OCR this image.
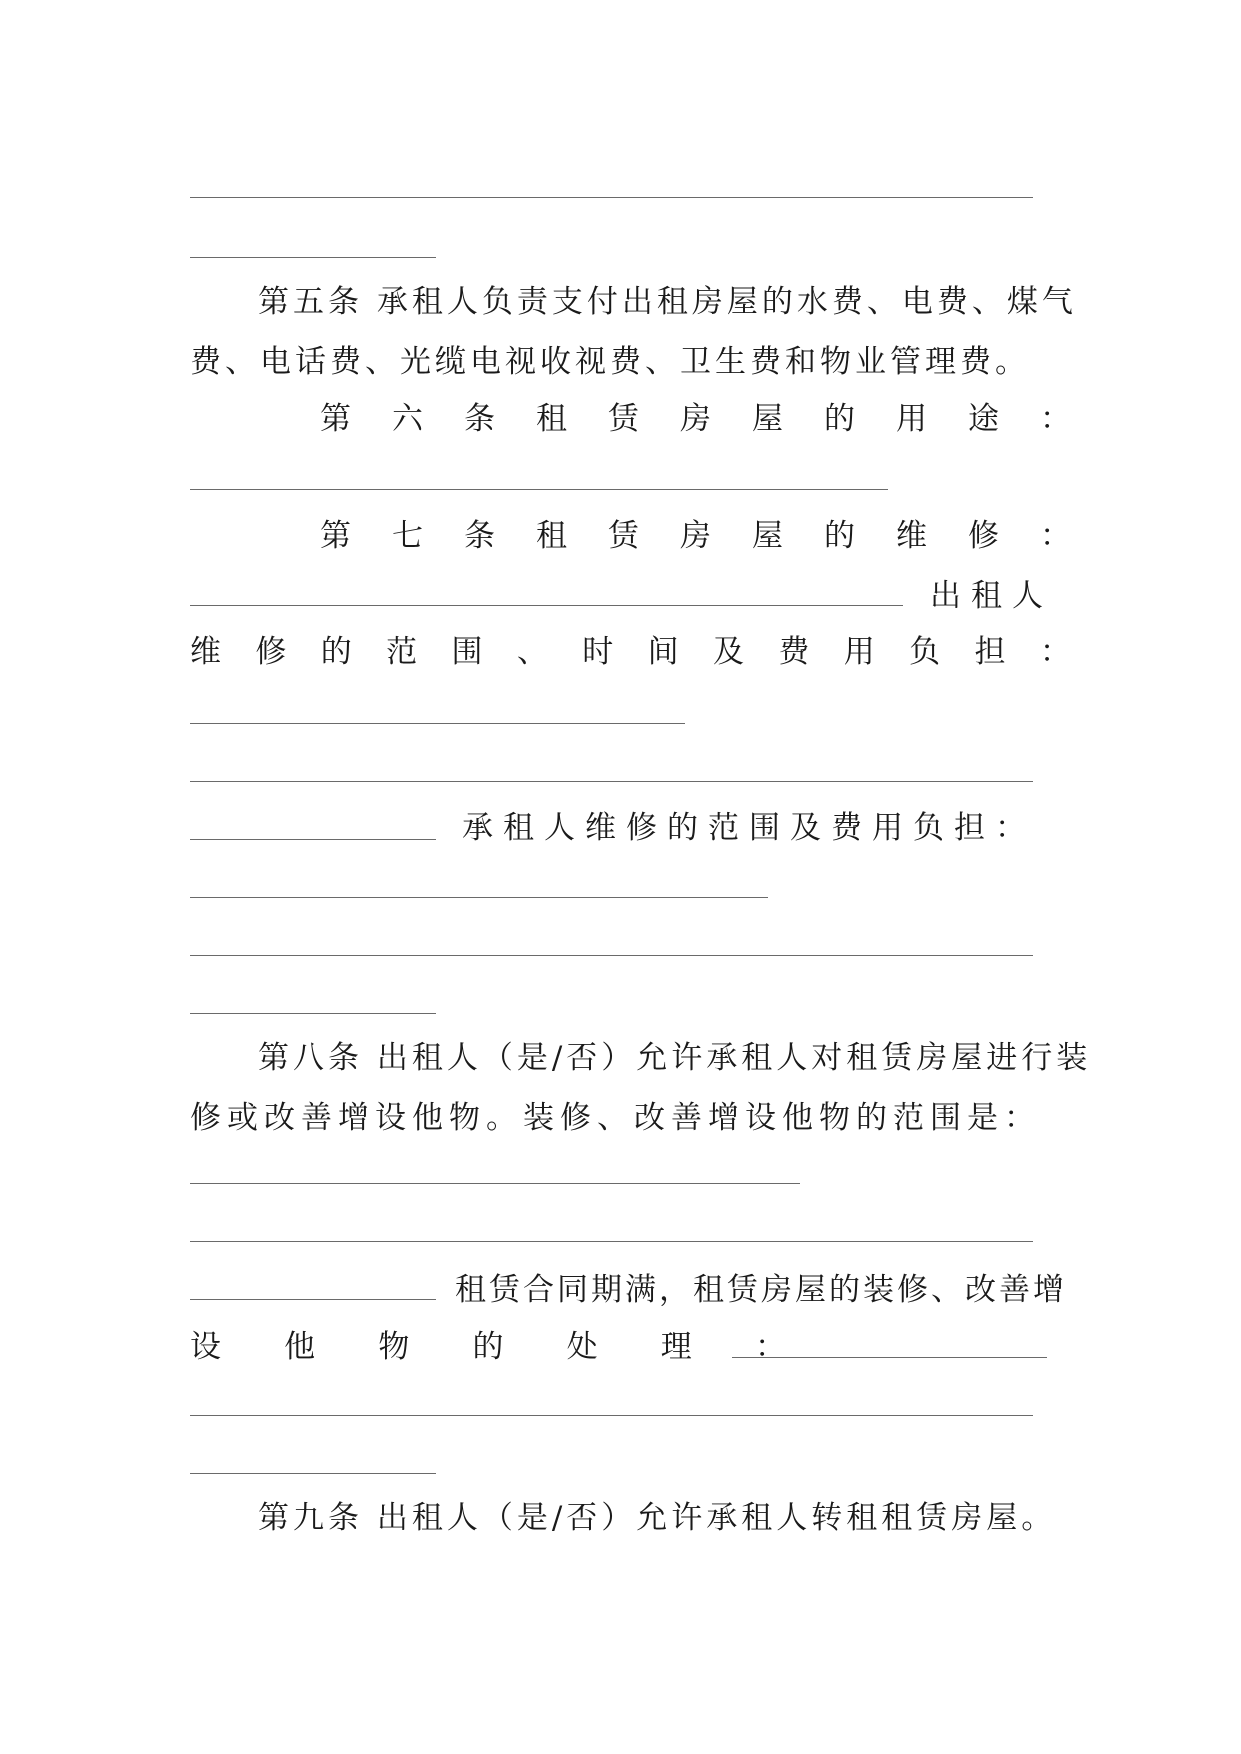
第五条 承租人负责支付出租房屋的水费、电费、煤气
费、电话费、光缆电视收视费、卫生费和物业管理费。
第 六 条 租 赁 房 屋 的 用 途 ：
第 七 条 租 赁 房 屋 的 维 修 ：
出租人
维 修 的 范 围 、 时 间 及 费 用 负 担 ：
承租人维修的范围及费用负担：
第八条 出租人（是/否）允许承租人对租赁房屋进行装
修或改善增设他物。装修、改善增设他物的范围是：
租赁合同期满，租赁房屋的装修、改善增
设 他 物 的 处 理 ：
第九条 出租人（是/否）允许承租人转租租赁房屋。
